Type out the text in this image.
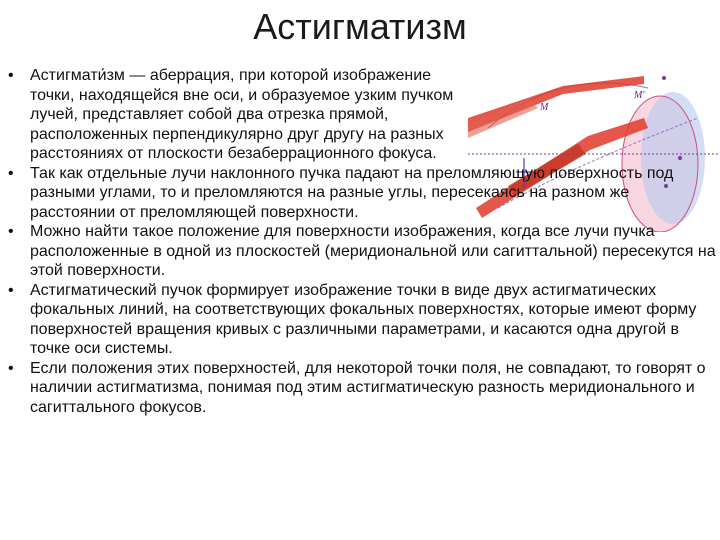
Астигматизм
M
M'
•	Астигмати́зм — аберрация, при которой изображение точки, находящейся вне оси, и образуемое узким пучком лучей, представляет собой два отрезка прямой, расположенных перпендикулярно друг другу на разных расстояниях от плоскости безаберрационного фокуса.
•	Так как отдельные лучи наклонного пучка падают на преломляющую поверхность под разными углами, то и преломляются на разные углы, пересекаясь на разном же расстоянии от преломляющей поверхности.
•	Можно найти такое положение для поверхности изображения, когда все лучи пучка расположенные в одной из плоскостей (меридиональной или сагиттальной) пересекутся на этой поверхности.
•	Астигматический пучок формирует изображение точки в виде двух астигматических фокальных линий, на соответствующих фокальных поверхностях, которые имеют форму поверхностей вращения кривых с различными параметрами, и касаются одна другой в точке оси системы.
•	Если положения этих поверхностей, для некоторой точки поля, не совпадают, то говорят о наличии астигматизма, понимая под этим астигматическую разность меридионального и сагиттального фокусов.
